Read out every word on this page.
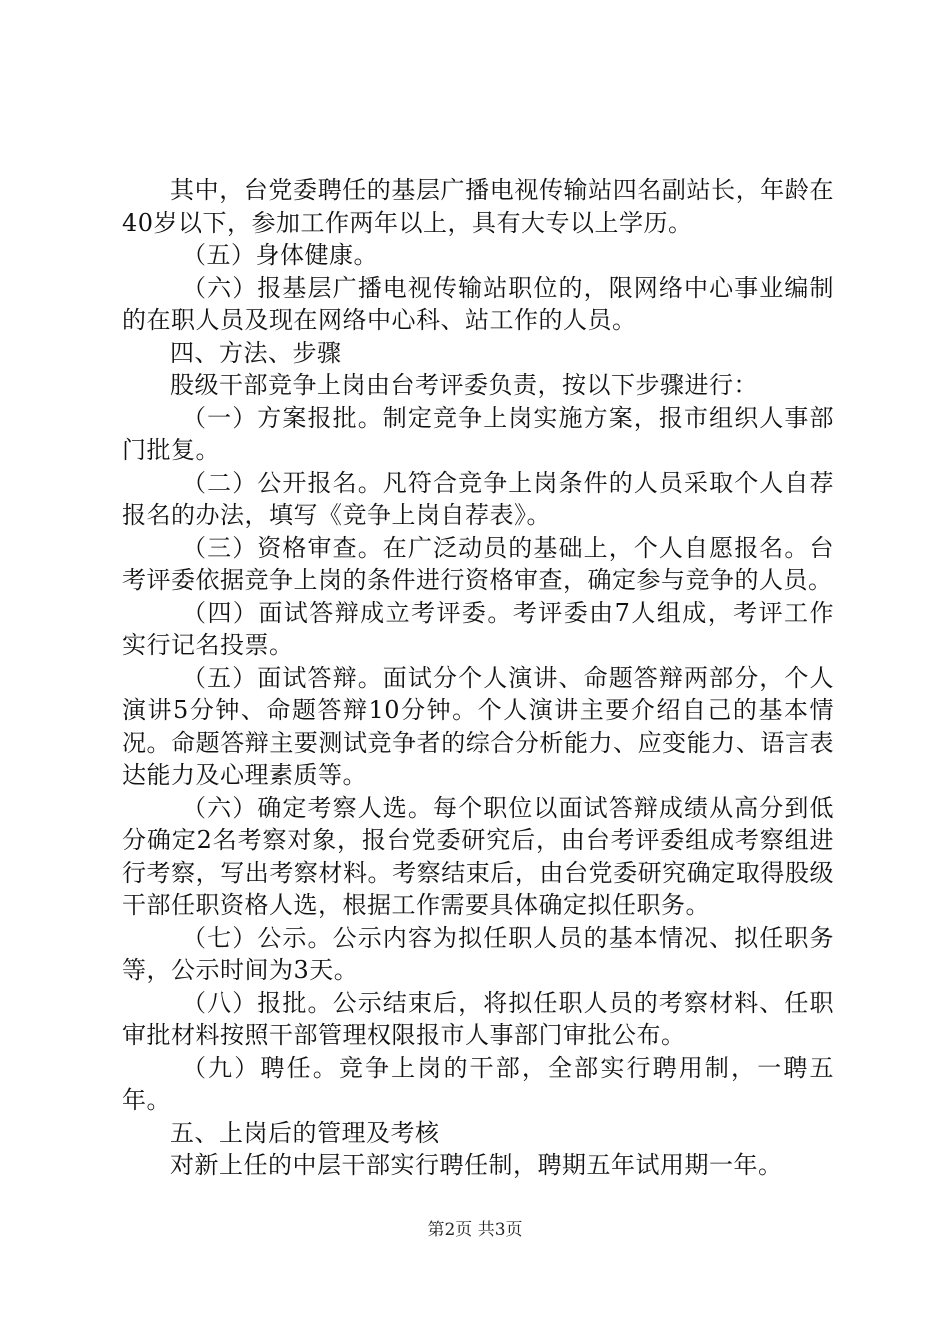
其中，台党委聘任的基层广播电视传输站四名副站长，年龄在40岁以下，参加工作两年以上，具有大专以上学历。

（五）身体健康。

（六）报基层广播电视传输站职位的，限网络中心事业编制的在职人员及现在网络中心科、站工作的人员。

四、方法、步骤

股级干部竞争上岗由台考评委负责，按以下步骤进行：

（一）方案报批。制定竞争上岗实施方案，报市组织人事部门批复。

（二）公开报名。凡符合竞争上岗条件的人员采取个人自荐报名的办法，填写《竞争上岗自荐表》。

（三）资格审查。在广泛动员的基础上，个人自愿报名。台考评委依据竞争上岗的条件进行资格审查，确定参与竞争的人员。

（四）面试答辩成立考评委。考评委由7人组成，考评工作实行记名投票。

（五）面试答辩。面试分个人演讲、命题答辩两部分，个人演讲5分钟、命题答辩10分钟。个人演讲主要介绍自己的基本情况。命题答辩主要测试竞争者的综合分析能力、应变能力、语言表达能力及心理素质等。

（六）确定考察人选。每个职位以面试答辩成绩从高分到低分确定2名考察对象，报台党委研究后，由台考评委组成考察组进行考察，写出考察材料。考察结束后，由台党委研究确定取得股级干部任职资格人选，根据工作需要具体确定拟任职务。

（七）公示。公示内容为拟任职人员的基本情况、拟任职务等，公示时间为3天。

（八）报批。公示结束后，将拟任职人员的考察材料、任职审批材料按照干部管理权限报市人事部门审批公布。

（九）聘任。竞争上岗的干部，全部实行聘用制，一聘五年。

五、上岗后的管理及考核

对新上任的中层干部实行聘任制，聘期五年试用期一年。

第2页 共3页
